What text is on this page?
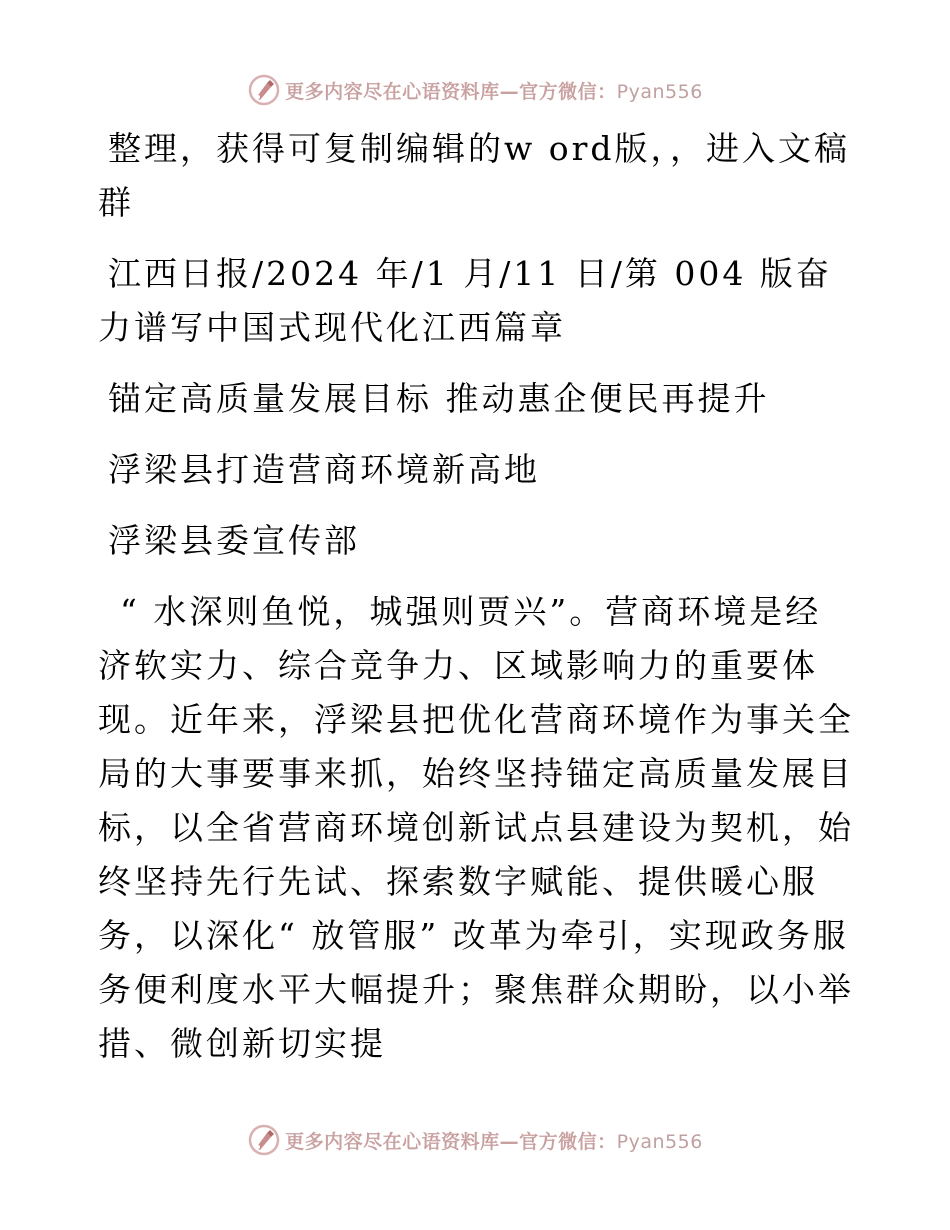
更多内容尽在心语资料库—官方微信：Pyan556

整理，获得可复制编辑的w ord版，，进入文稿群

江西日报/2024 年/1 月/11 日/第 004 版奋力谱写中国式现代化江西篇章

锚定高质量发展目标 推动惠企便民再提升

浮梁县打造营商环境新高地

浮梁县委宣传部

“ 水深则鱼悦，城强则贾兴”。营商环境是经济软实力、综合竞争力、区域影响力的重要体现。近年来，浮梁县把优化营商环境作为事关全局的大事要事来抓，始终坚持锚定高质量发展目标，以全省营商环境创新试点县建设为契机，始终坚持先行先试、探索数字赋能、提供暖心服务，以深化“ 放管服” 改革为牵引，实现政务服务便利度水平大幅提升；聚焦群众期盼，以小举措、微创新切实提

更多内容尽在心语资料库—官方微信：Pyan556
